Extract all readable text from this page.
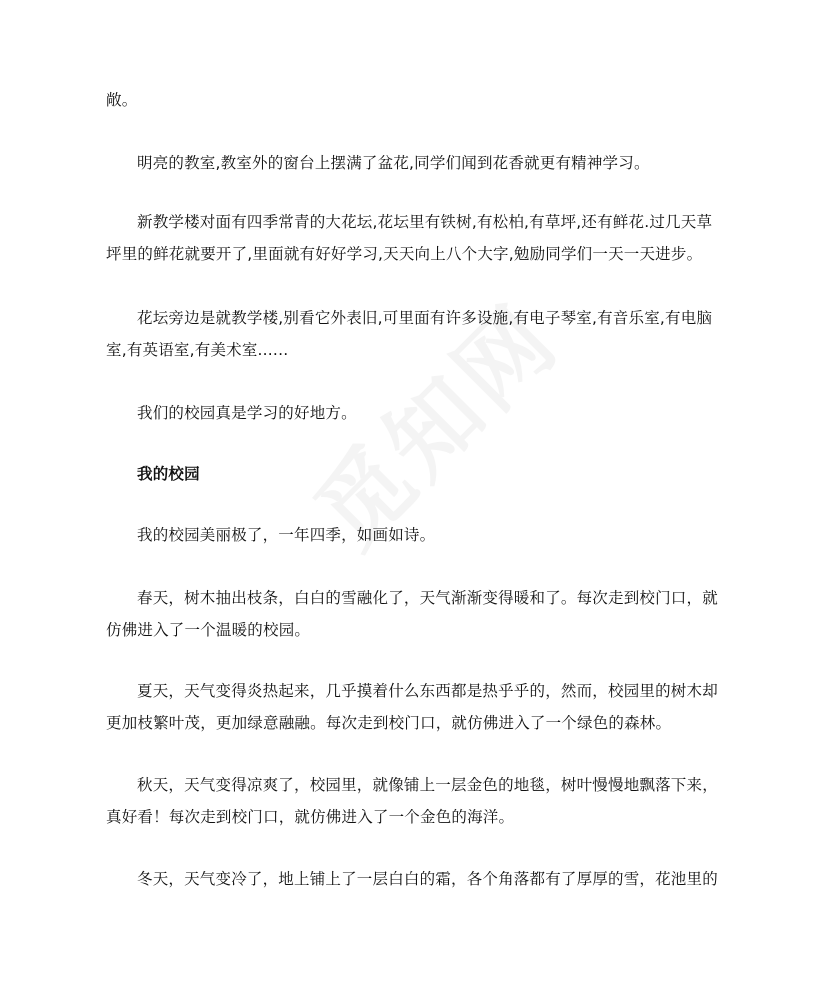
敞。
明亮的教室,教室外的窗台上摆满了盆花,同学们闻到花香就更有精神学习。
新教学楼对面有四季常青的大花坛,花坛里有铁树,有松柏,有草坪,还有鲜花.过几天草
坪里的鲜花就要开了,里面就有好好学习,天天向上八个大字,勉励同学们一天一天进步。
花坛旁边是就教学楼,别看它外表旧,可里面有许多设施,有电子琴室,有音乐室,有电脑
室,有英语室,有美术室......
我们的校园真是学习的好地方。
我的校园
我的校园美丽极了，一年四季，如画如诗。
春天，树木抽出枝条，白白的雪融化了，天气渐渐变得暖和了。每次走到校门口，就
仿佛进入了一个温暖的校园。
夏天，天气变得炎热起来，几乎摸着什么东西都是热乎乎的，然而，校园里的树木却
更加枝繁叶茂，更加绿意融融。每次走到校门口，就仿佛进入了一个绿色的森林。
秋天，天气变得凉爽了，校园里，就像铺上一层金色的地毯，树叶慢慢地飘落下来，
真好看！每次走到校门口，就仿佛进入了一个金色的海洋。
冬天，天气变冷了，地上铺上了一层白白的霜，各个角落都有了厚厚的雪，花池里的
